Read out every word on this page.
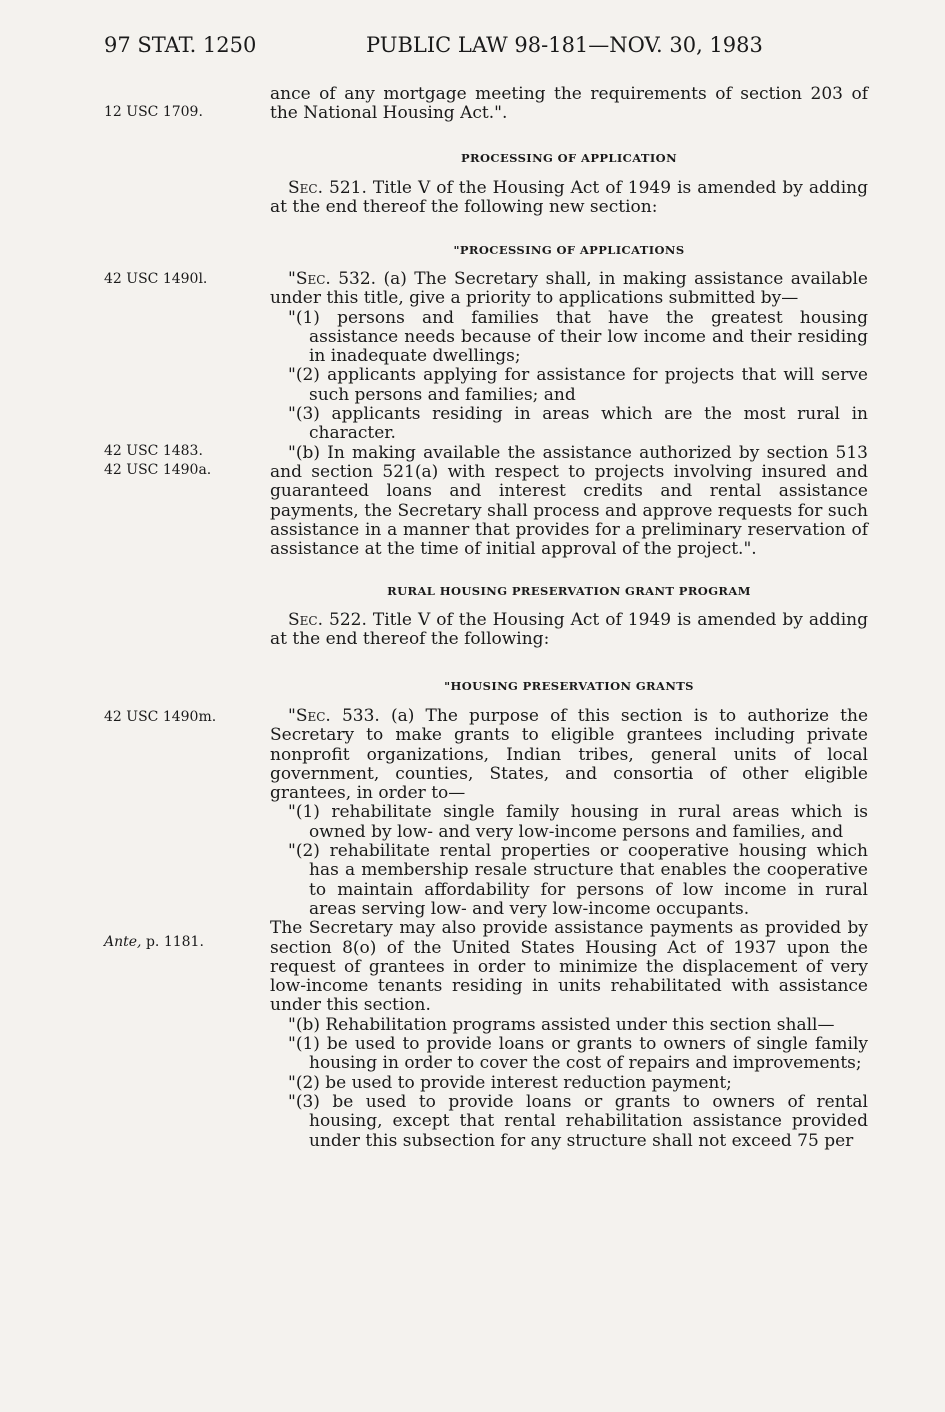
97 STAT. 1250	PUBLIC LAW 98-181—NOV. 30, 1983
12 USC 1709.
42 USC 1490l.
42 USC 1483.
42 USC 1490a.
42 USC 1490m.
Ante, p. 1181.

ance of any mortgage meeting the requirements of section 203 of the National Housing Act.".

PROCESSING OF APPLICATION

Sec. 521. Title V of the Housing Act of 1949 is amended by adding at the end thereof the following new section:

"PROCESSING OF APPLICATIONS

"Sec. 532. (a) The Secretary shall, in making assistance available under this title, give a priority to applications submitted by—

"(1) persons and families that have the greatest housing assistance needs because of their low income and their residing in inadequate dwellings;

"(2) applicants applying for assistance for projects that will serve such persons and families; and

"(3) applicants residing in areas which are the most rural in character.

"(b) In making available the assistance authorized by section 513 and section 521(a) with respect to projects involving insured and guaranteed loans and interest credits and rental assistance payments, the Secretary shall process and approve requests for such assistance in a manner that provides for a preliminary reservation of assistance at the time of initial approval of the project.".

RURAL HOUSING PRESERVATION GRANT PROGRAM

Sec. 522. Title V of the Housing Act of 1949 is amended by adding at the end thereof the following:

"HOUSING PRESERVATION GRANTS

"Sec. 533. (a) The purpose of this section is to authorize the Secretary to make grants to eligible grantees including private nonprofit organizations, Indian tribes, general units of local government, counties, States, and consortia of other eligible grantees, in order to—

"(1) rehabilitate single family housing in rural areas which is owned by low- and very low-income persons and families, and

"(2) rehabilitate rental properties or cooperative housing which has a membership resale structure that enables the cooperative to maintain affordability for persons of low income in rural areas serving low- and very low-income occupants.

The Secretary may also provide assistance payments as provided by section 8(o) of the United States Housing Act of 1937 upon the request of grantees in order to minimize the displacement of very low-income tenants residing in units rehabilitated with assistance under this section.

"(b) Rehabilitation programs assisted under this section shall—

"(1) be used to provide loans or grants to owners of single family housing in order to cover the cost of repairs and improvements;

"(2) be used to provide interest reduction payment;

"(3) be used to provide loans or grants to owners of rental housing, except that rental rehabilitation assistance provided under this subsection for any structure shall not exceed 75 per
